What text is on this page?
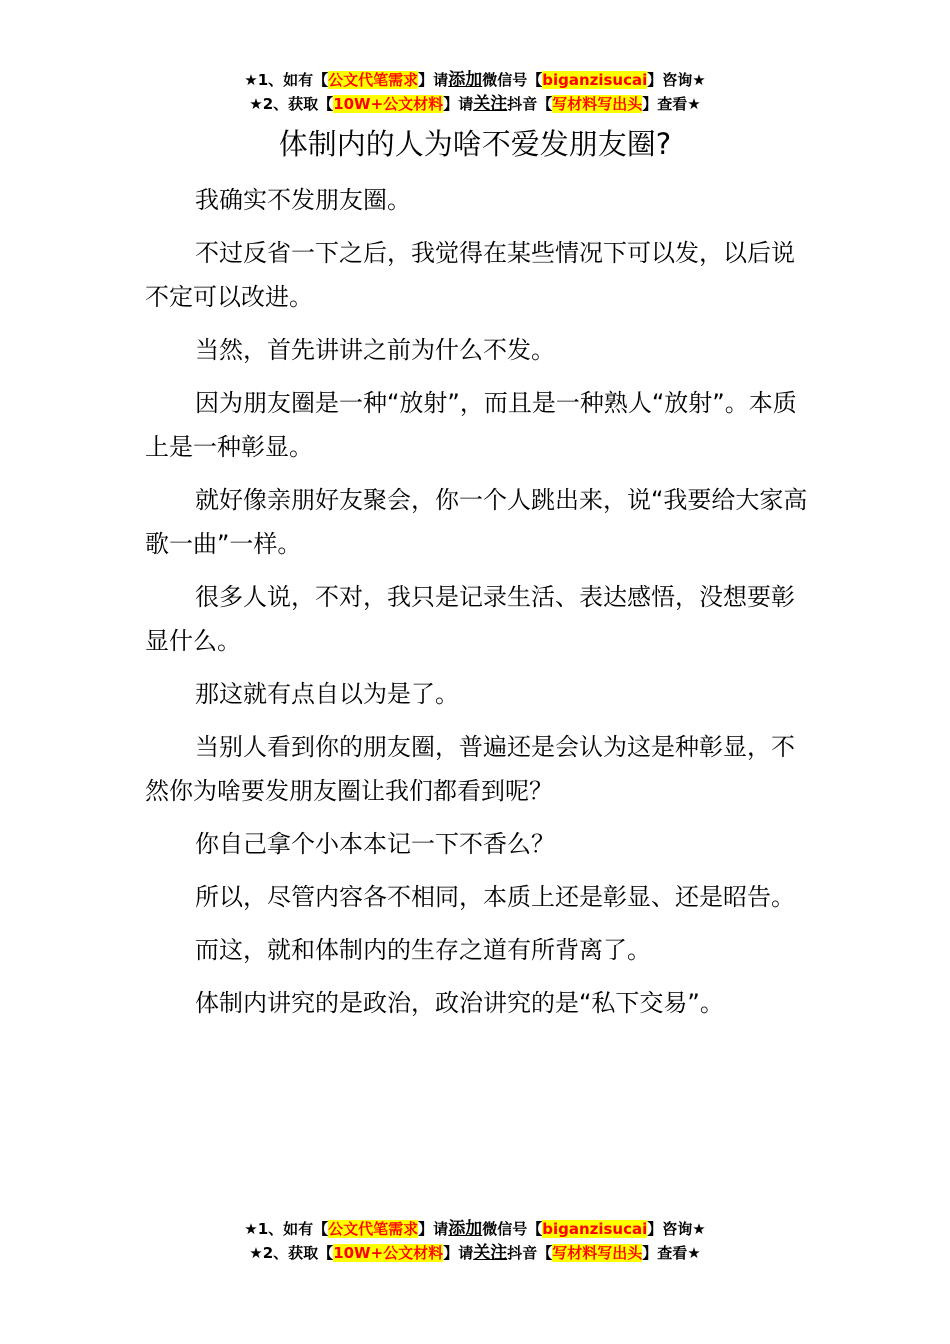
★1、如有【公文代笔需求】请添加微信号【biganzisucai】咨询★
★2、获取【10W+公文材料】请关注抖音【写材料写出头】查看★
体制内的人为啥不爱发朋友圈?

我确实不发朋友圈。

不过反省一下之后，我觉得在某些情况下可以发，以后说不定可以改进。

当然，首先讲讲之前为什么不发。

因为朋友圈是一种“放射”，而且是一种熟人“放射”。本质上是一种彰显。

就好像亲朋好友聚会，你一个人跳出来，说“我要给大家高歌一曲”一样。

很多人说，不对，我只是记录生活、表达感悟，没想要彰显什么。

那这就有点自以为是了。

当别人看到你的朋友圈，普遍还是会认为这是种彰显，不然你为啥要发朋友圈让我们都看到呢？

你自己拿个小本本记一下不香么？

所以，尽管内容各不相同，本质上还是彰显、还是昭告。

而这，就和体制内的生存之道有所背离了。

体制内讲究的是政治，政治讲究的是“私下交易”。

★1、如有【公文代笔需求】请添加微信号【biganzisucai】咨询★
★2、获取【10W+公文材料】请关注抖音【写材料写出头】查看★
